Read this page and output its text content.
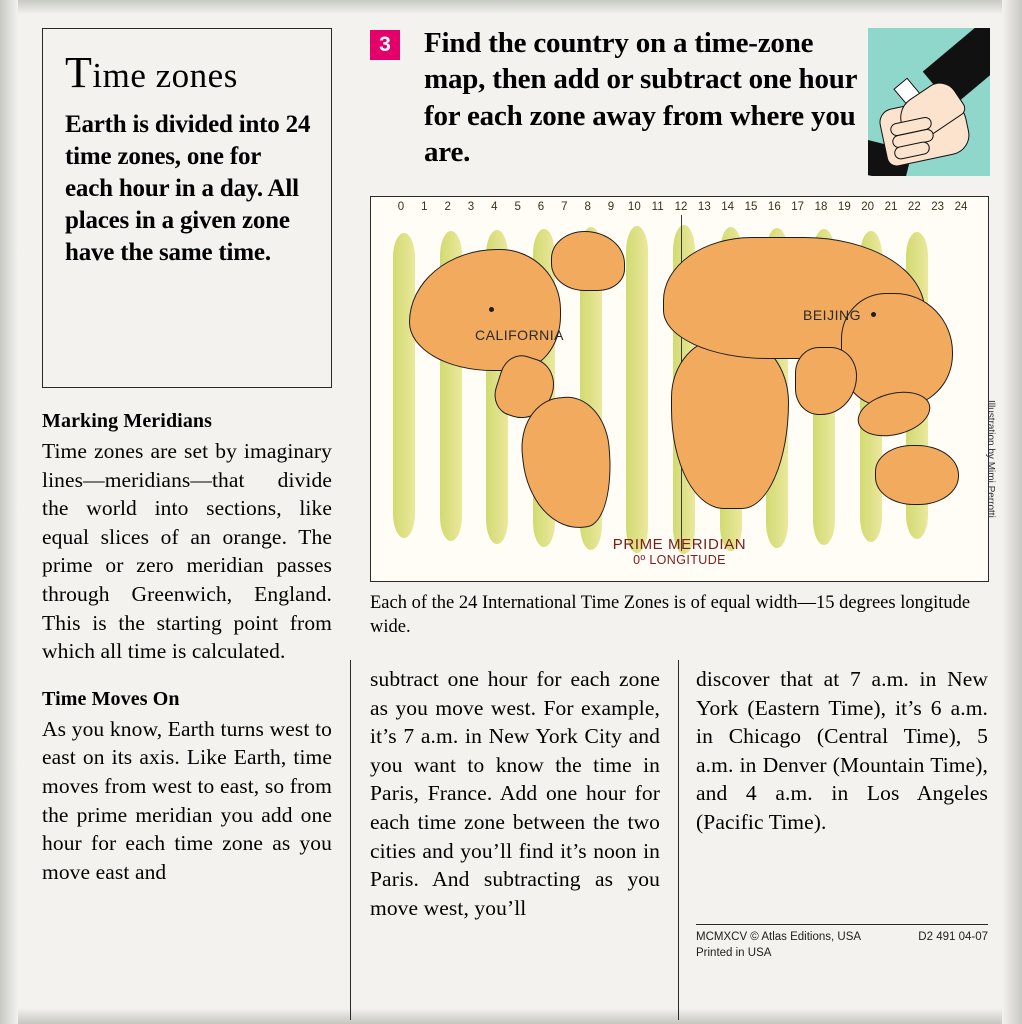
Time zones

Earth is divided into 24 time zones, one for each hour in a day. All places in a given zone have the same time.

Marking Meridians

Time zones are set by imaginary lines—meridians—that divide the world into sections, like equal slices of an orange. The prime or zero meridian passes through Greenwich, England. This is the starting point from which all time is calculated.

Time Moves On

As you know, Earth turns west to east on its axis. Like Earth, time moves from west to east, so from the prime meridian you add one hour for each time zone as you move east and

3	Find the country on a time-zone map, then add or subtract one hour for each zone away from where you are.
0 1 2 3 4 5 6 7 8 9 10 11 12 13 14 15 16 17 18 19 20 21 22 23 24
CALIFORNIA
BEIJING
PRIME MERIDIAN
0º LONGITUDE
Illustration by Mimi Perrotti
Each of the 24 International Time Zones is of equal width—15 degrees longitude wide.

subtract one hour for each zone as you move west. For example, it’s 7 a.m. in New York City and you want to know the time in Paris, France. Add one hour for each time zone between the two cities and you’ll find it’s noon in Paris. And subtracting as you move west, you’ll

discover that at 7 a.m. in New York (Eastern Time), it’s 6 a.m. in Chicago (Central Time), 5 a.m. in Denver (Mountain Time), and 4 a.m. in Los Angeles (Pacific Time).

MCMXCV © Atlas Editions, USA	D2 491 04-07
Printed in USA
